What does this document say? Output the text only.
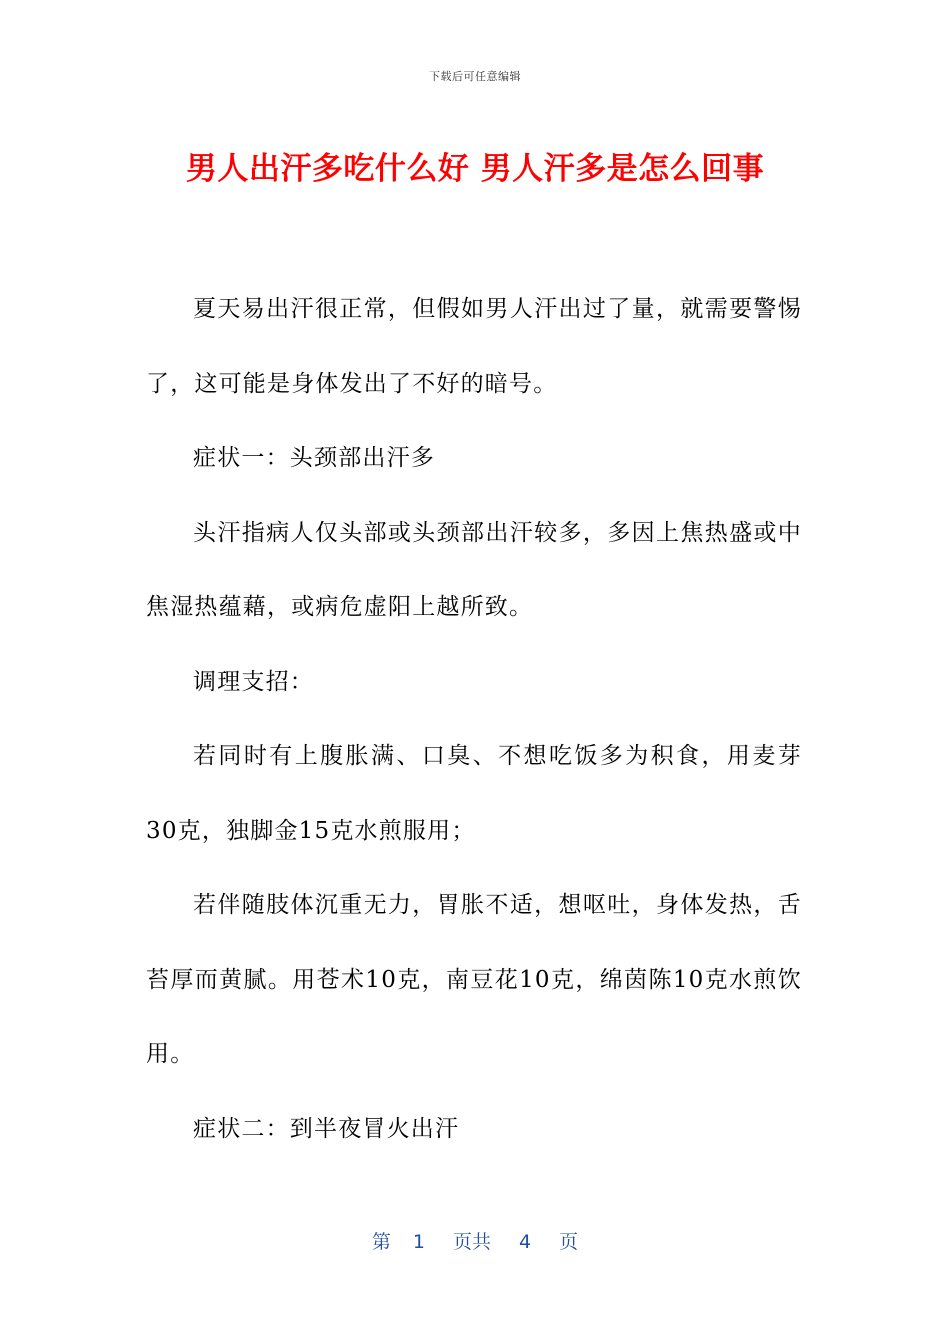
下载后可任意编辑
男人出汗多吃什么好 男人汗多是怎么回事

夏天易出汗很正常，但假如男人汗出过了量，就需要警惕了，这可能是身体发出了不好的暗号。

症状一：头颈部出汗多

头汗指病人仅头部或头颈部出汗较多，多因上焦热盛或中焦湿热蕴藉，或病危虚阳上越所致。

调理支招：

若同时有上腹胀满、口臭、不想吃饭多为积食，用麦芽30克，独脚金15克水煎服用；

若伴随肢体沉重无力，胃胀不适，想呕吐，身体发热，舌苔厚而黄腻。用苍术10克，南豆花10克，绵茵陈10克水煎饮用。

症状二：到半夜冒火出汗

第 1 页共 4 页
